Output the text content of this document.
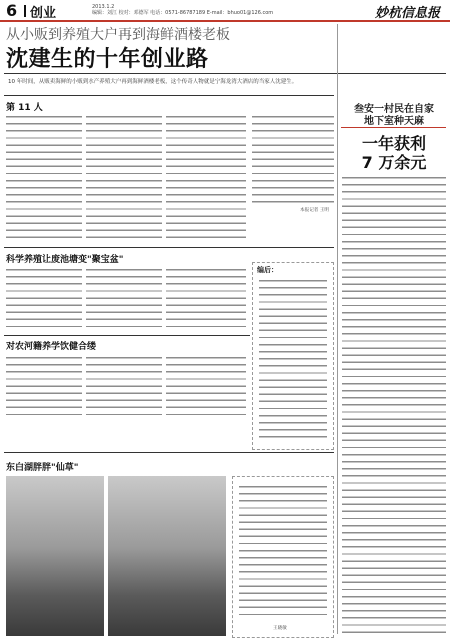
6 创业	2013.1.2
编辑：刘江 校对：邓德军 电话：0571-86787189 E-mail：bhuo01@126.com	妙杭信息报
从小贩到养殖大户再到海鲜酒楼老板
沈建生的十年创业路
10 年时间，从贩卖海鲜的小贩到水产养殖大户再到海鲜酒楼老板，这个传奇人物就是宁海龙湾大酒店的当家人沈建生。
第 11 人
本报记者 王明
科学养殖让废池塘变"聚宝盆"
编后：
对农河籍养学饮健合缕
东白湖胖胖"仙草"
王晓敏
叁安一村民在自家
地下室种天麻
一年获利
7 万余元
